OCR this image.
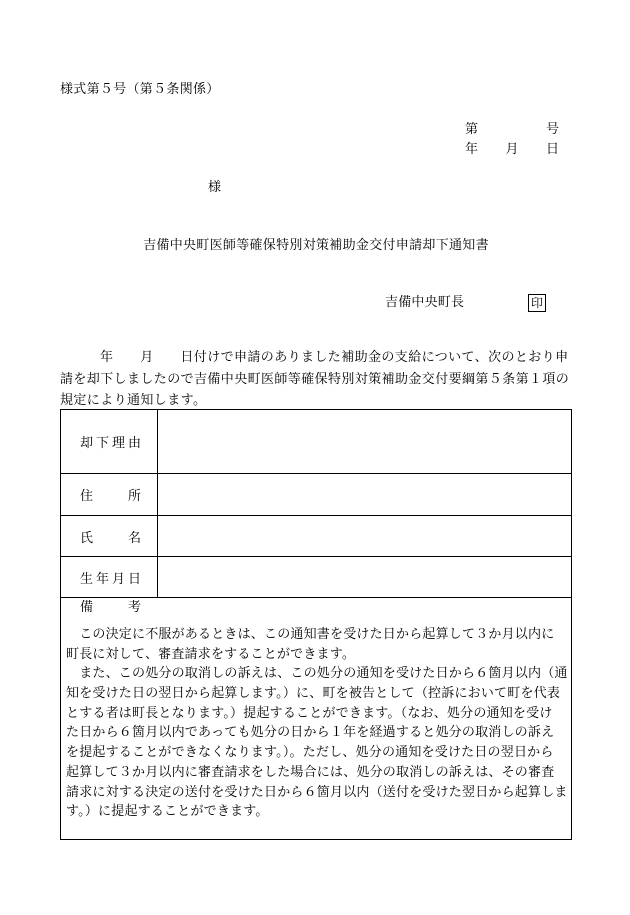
様式第５号（第５条関係）
第　　　　　号
年　　月　　日
様
吉備中央町医師等確保特別対策補助金交付申請却下通知書
吉備中央町長	印
年　　月　　日付けで申請のありました補助金の支給について、次のとおり申
請を却下しましたので吉備中央町医師等確保特別対策補助金交付要綱第５条第１項の
規定により通知します。
却下理由
住　　所
氏　　名
生年月日
備　　考
この決定に不服があるときは、この通知書を受けた日から起算して３か月以内に
町長に対して、審査請求をすることができます。
また、この処分の取消しの訴えは、この処分の通知を受けた日から６箇月以内（通
知を受けた日の翌日から起算します。）に、町を被告として（控訴において町を代表
とする者は町長となります。）提起することができます。（なお、処分の通知を受け
た日から６箇月以内であっても処分の日から１年を経過すると処分の取消しの訴え
を提起することができなくなります。）。ただし、処分の通知を受けた日の翌日から
起算して３か月以内に審査請求をした場合には、処分の取消しの訴えは、その審査
請求に対する決定の送付を受けた日から６箇月以内（送付を受けた翌日から起算しま
す。）に提起することができます。
